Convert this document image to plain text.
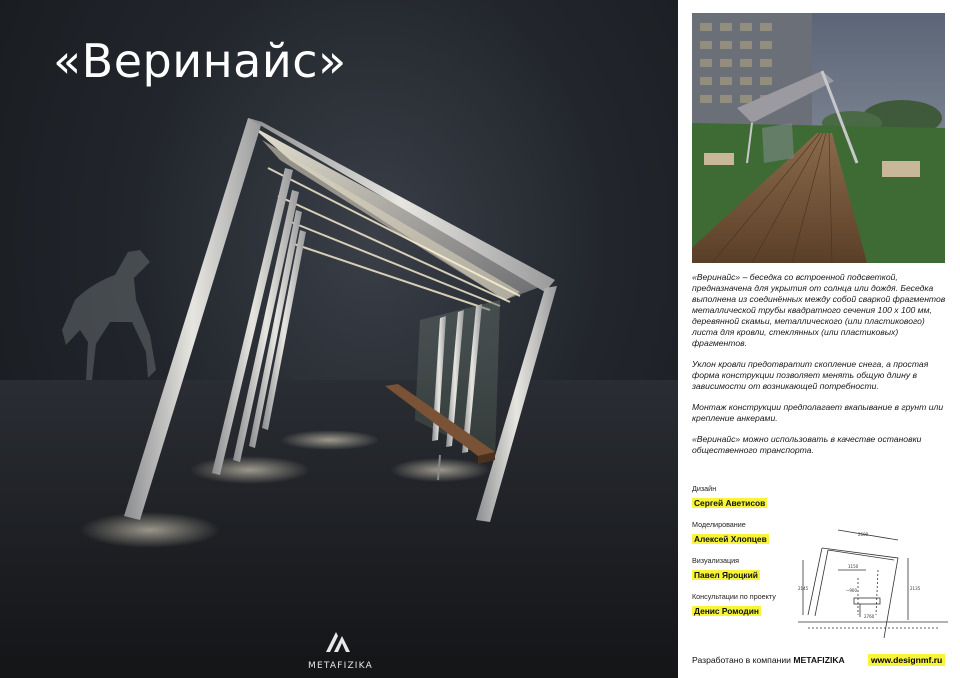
«Веринайс»
METAFIZIKA

«Веринайс» – беседка со встроенной подсветкой, предназначена для укрытия от солнца или дождя. Беседка выполнена из соединённых между собой сваркой фрагментов металлической трубы квадратного сечения 100 х 100 мм, деревянной скамьи, металлического (или пластикового) листа для кровли, стеклянных (или пластиковых) фрагментов.

Уклон кровли предотвратит скопление снега, а простая форма конструкции позволяет менять общую длину в зависимости от возникающей потребности.

Монтаж конструкции предполагает вкапывание в грунт или крепление анкерами.

«Веринайс» можно использовать в качестве остановки общественного транспорта.

Дизайн
Сергей Аветисов
Моделирование
Алексей Хлопцев
Визуализация
Павел Яроцкий
Консультации по проекту
Денис Ромодин
2600
2135
2145
1150
~900
2760
Разработано в компании METAFIZIKA	www.designmf.ru
